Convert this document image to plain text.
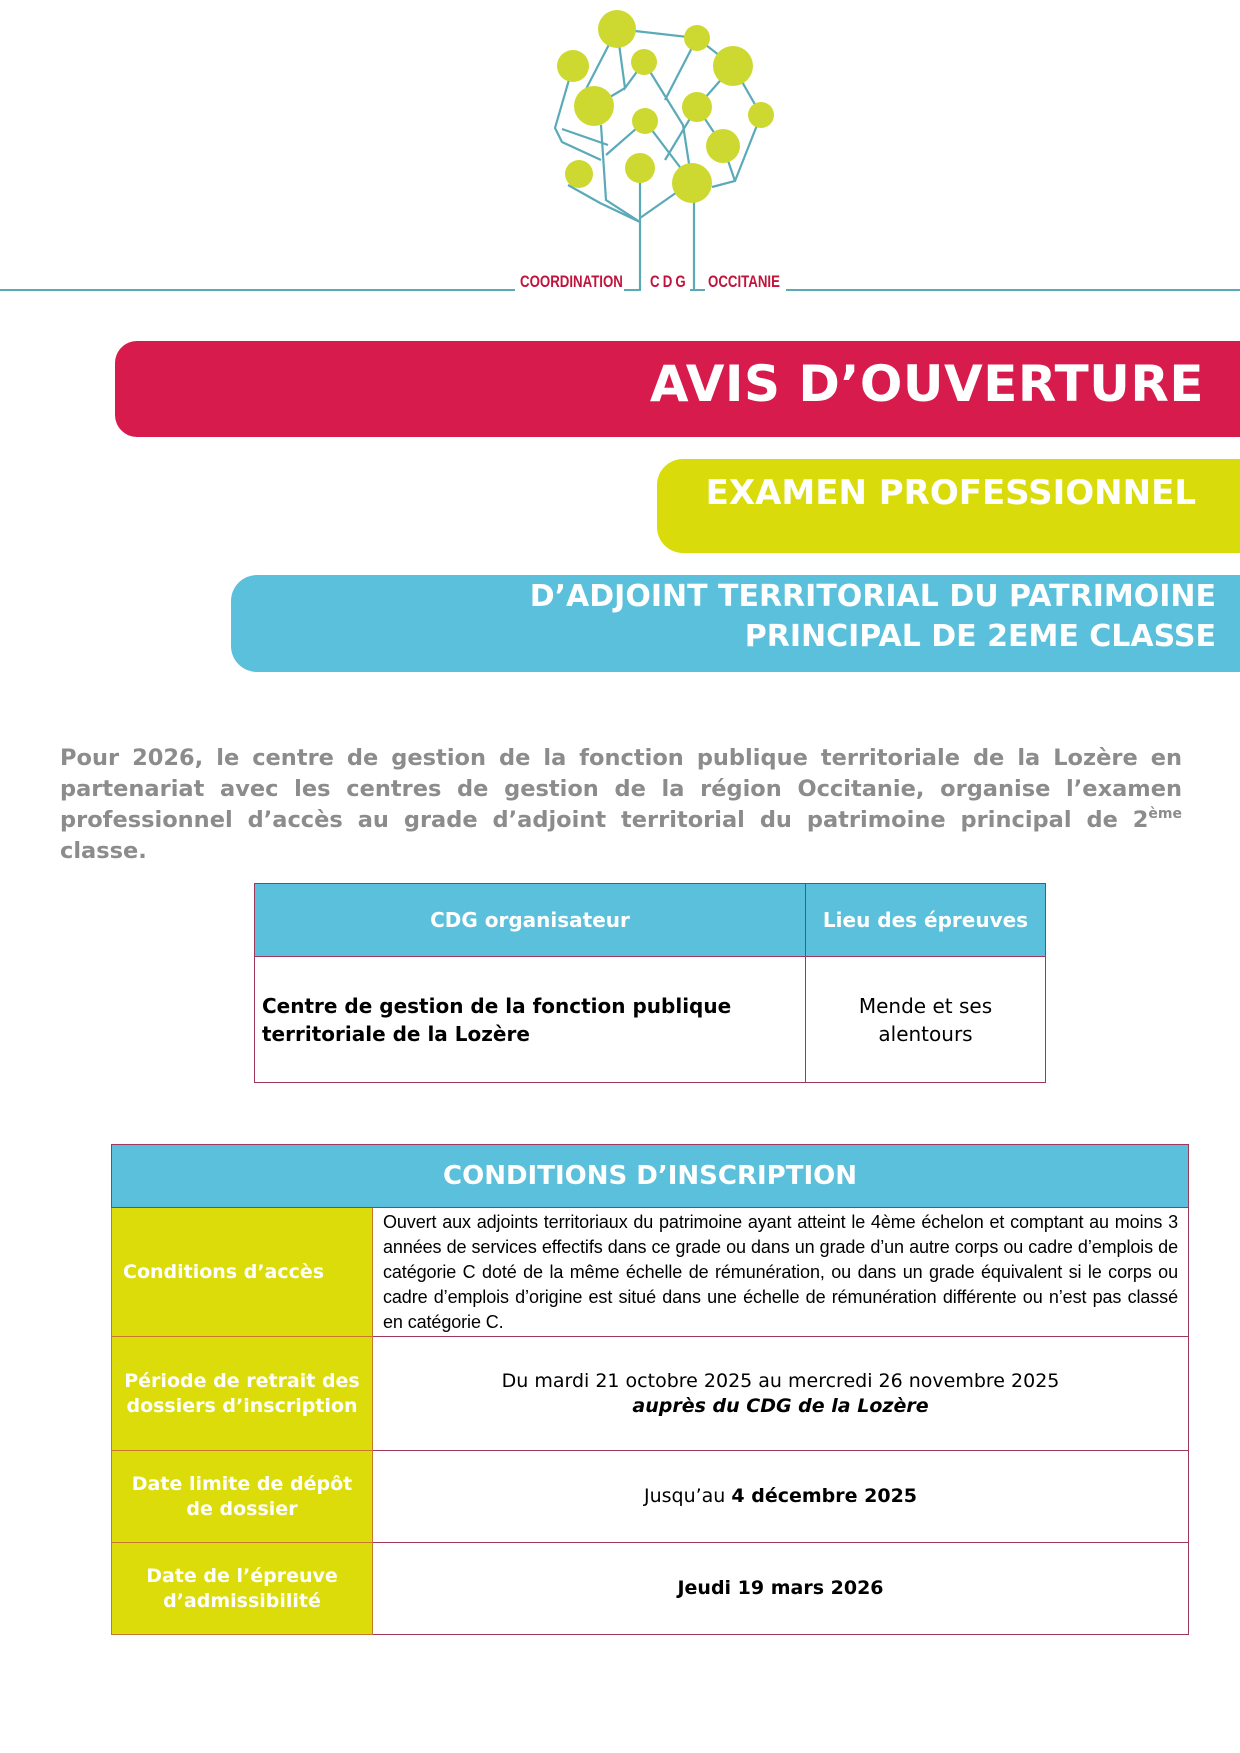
COORDINATION CDG OCCITANIE
AVIS D’OUVERTURE
EXAMEN PROFESSIONNEL
D’ADJOINT TERRITORIAL DU PATRIMOINE
PRINCIPAL DE 2EME CLASSE

Pour 2026, le centre de gestion de la fonction publique territoriale de la Lozère en partenariat avec les centres de gestion de la région Occitanie, organise l’examen professionnel d’accès au grade d’adjoint territorial du patrimoine principal de 2ème classe.

CDG organisateur	Lieu des épreuves
Centre de gestion de la fonction publique territoriale de la Lozère	Mende et ses alentours
CONDITIONS D’INSCRIPTION	
Conditions d’accès	Ouvert aux adjoints territoriaux du patrimoine ayant atteint le 4ème échelon et comptant au moins 3 années de services effectifs dans ce grade ou dans un grade d’un autre corps ou cadre d’emplois de catégorie C doté de la même échelle de rémunération, ou dans un grade équivalent si le corps ou cadre d’emplois d’origine est situé dans une échelle de rémunération différente ou n’est pas classé en catégorie C.

Période de retrait des dossiers d’inscription	Du mardi 21 octobre 2025 au mercredi 26 novembre 2025
auprès du CDG de la Lozère

Date limite de dépôt de dossier	Jusqu’au 4 décembre 2025

Date de l’épreuve d’admissibilité	Jeudi 19 mars 2026
